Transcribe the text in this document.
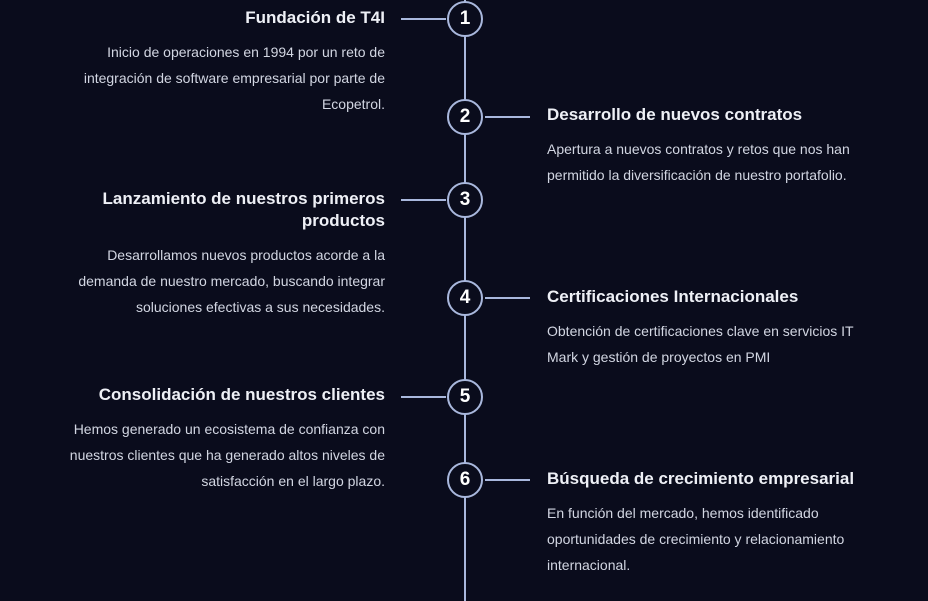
1
Fundación de T4I
Inicio de operaciones en 1994 por un reto de integración de software empresarial por parte de Ecopetrol.
2	Desarrollo de nuevos contratos
Apertura a nuevos contratos y retos que nos han permitido la diversificación de nuestro portafolio.
3
Lanzamiento de nuestros primeros productos
Desarrollamos nuevos productos acorde a la demanda de nuestro mercado, buscando integrar soluciones efectivas a sus necesidades.	4	Certificaciones Internacionales
Obtención de certificaciones clave en servicios IT Mark y gestión de proyectos en PMI
5
Consolidación de nuestros clientes
Hemos generado un ecosistema de confianza con nuestros clientes que ha generado altos niveles de satisfacción en el largo plazo.	6	Búsqueda de crecimiento empresarial
En función del mercado, hemos identificado oportunidades de crecimiento y relacionamiento internacional.
